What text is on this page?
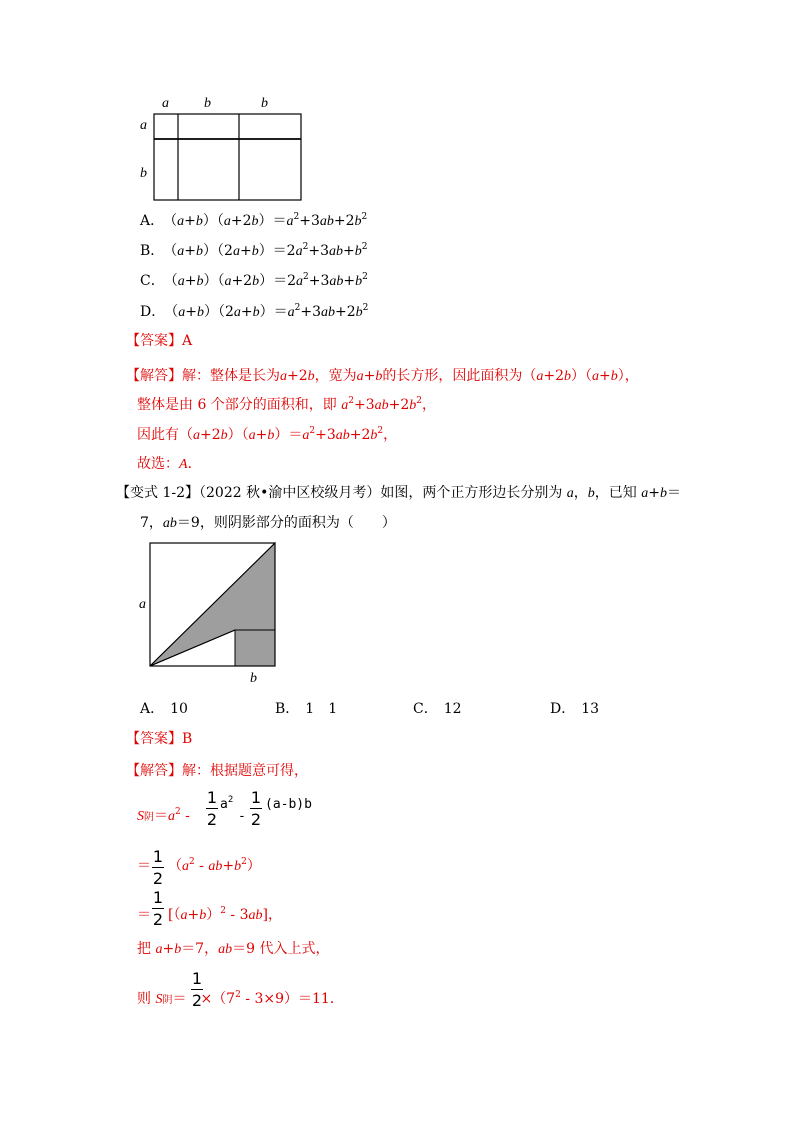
a	b	b
a
b
A． $(a+b)(a+2b)=a^2+3ab+2b^2$
B． $(a+b)(2a+b)=2a^2+3ab+b^2$
C． $(a+b)(a+2b)=2a^2+3ab+b^2$
D． $(a+b)(2a+b)=a^2+3ab+2b^2$
【答案】A
【解答】解：整体是长为a+2b，宽为a+b的长方形，因此面积为（a+2b）（a+b），
整体是由 6 个部分的面积和，即 $a^2+3ab+2b^2$，
因此有$(a+2b)(a+b)=a^2+3ab+2b^2$，
故选：A．
【变式 1-2】（2022 秋•渝中区校级月考）如图，两个正方形边长分别为 a，b，已知 a+b＝
7，ab＝9，则阴影部分的面积为（　　）
a
b
A． 10	B． 1　1	C． 12	D． 13
【答案】B
【解答】解：根据题意可得，
S阴$=a^2$ -
1
2
$a^2$
-
1
2
(a-b)b
1
2
＝ $(a^2 - ab+b^2)$
1
2
＝ $[(a+b)^2 - 3ab]$，
把 a+b＝7，ab＝9 代入上式，
1
2
则 S阴＝ $\times(7^2 - 3\times 9)=11$．
